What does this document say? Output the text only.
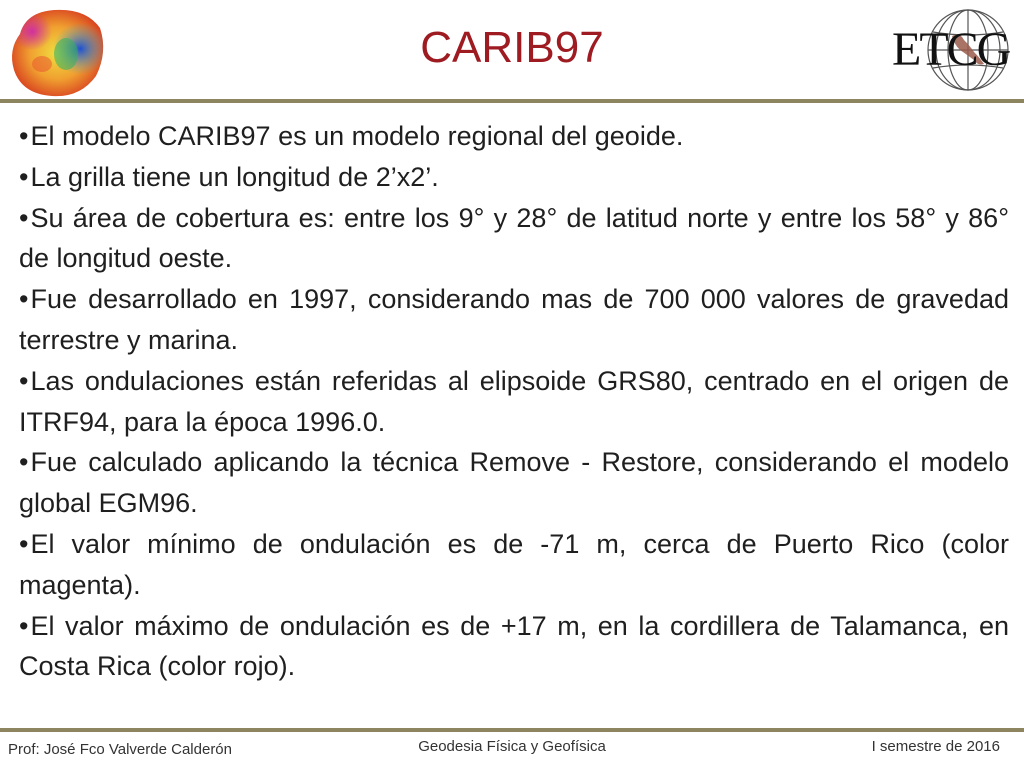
CARIB97	ETCG

•El modelo CARIB97 es un modelo regional del geoide.

•La grilla tiene un longitud de 2’x2’.

•Su área de cobertura es: entre los 9° y 28° de latitud norte y entre los 58° y 86° de longitud oeste.

•Fue desarrollado en 1997, considerando mas de 700 000 valores de gravedad terrestre y marina.

•Las ondulaciones están referidas al elipsoide GRS80, centrado en el origen de ITRF94, para la época 1996.0.

•Fue calculado aplicando la técnica Remove - Restore, considerando el modelo global EGM96.

•El valor mínimo de ondulación es de -71 m, cerca de Puerto Rico (color magenta).

•El valor máximo de ondulación es de +17 m, en la cordillera de Talamanca, en Costa Rica (color rojo).

Prof: José Fco Valverde Calderón	Geodesia Física y Geofísica	I semestre de 2016
